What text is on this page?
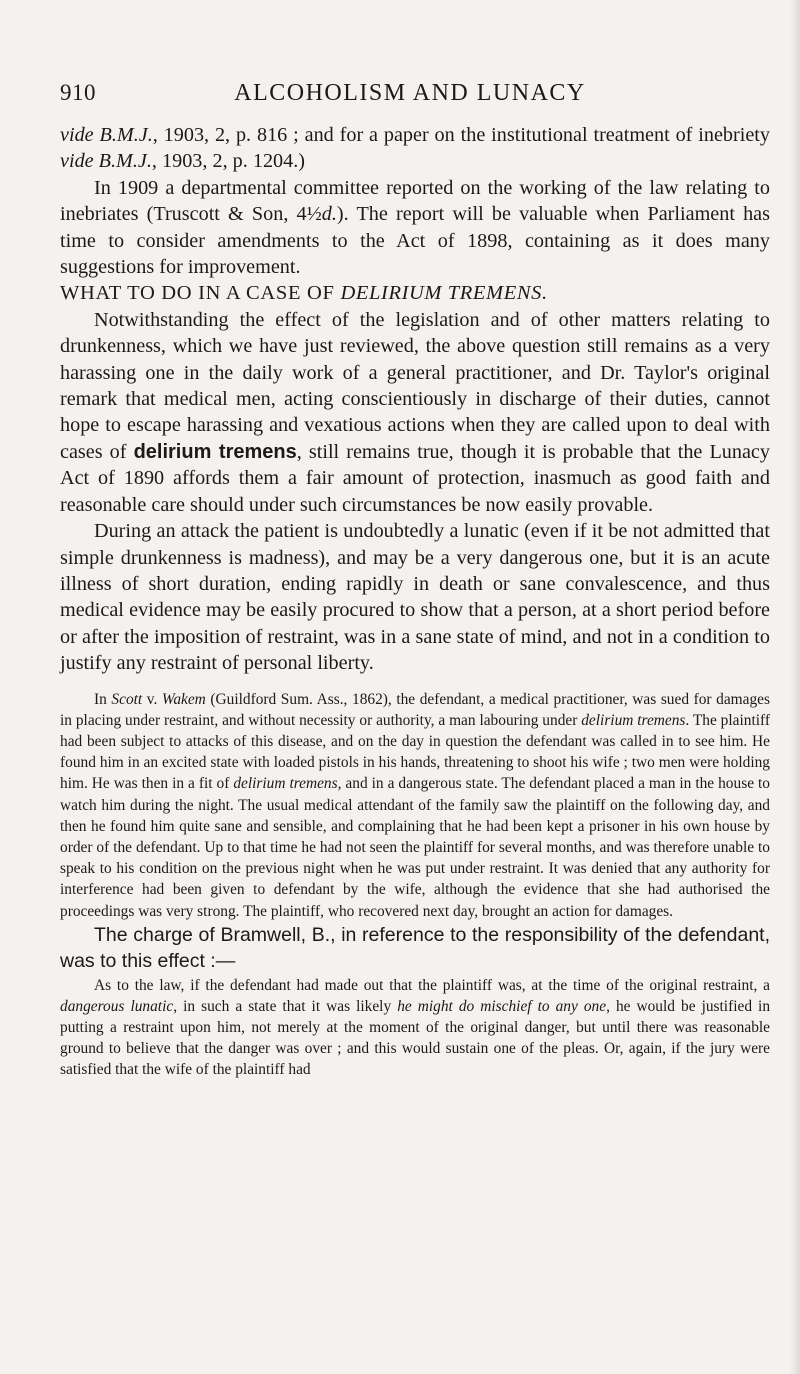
910	ALCOHOLISM AND LUNACY

vide B.M.J., 1903, 2, p. 816 ; and for a paper on the institutional treatment of inebriety vide B.M.J., 1903, 2, p. 1204.)

In 1909 a departmental committee reported on the working of the law relating to inebriates (Truscott & Son, 4½d.). The report will be valuable when Parliament has time to consider amendments to the Act of 1898, containing as it does many suggestions for improvement.

WHAT TO DO IN A CASE OF DELIRIUM TREMENS.

Notwithstanding the effect of the legislation and of other matters relating to drunkenness, which we have just reviewed, the above question still remains as a very harassing one in the daily work of a general practitioner, and Dr. Taylor's original remark that medical men, acting conscientiously in discharge of their duties, cannot hope to escape harassing and vexatious actions when they are called upon to deal with cases of delirium tremens, still remains true, though it is probable that the Lunacy Act of 1890 affords them a fair amount of protection, inasmuch as good faith and reasonable care should under such circumstances be now easily provable.

During an attack the patient is undoubtedly a lunatic (even if it be not admitted that simple drunkenness is madness), and may be a very dangerous one, but it is an acute illness of short duration, ending rapidly in death or sane convalescence, and thus medical evidence may be easily procured to show that a person, at a short period before or after the imposition of restraint, was in a sane state of mind, and not in a condition to justify any restraint of personal liberty.

In Scott v. Wakem (Guildford Sum. Ass., 1862), the defendant, a medical practitioner, was sued for damages in placing under restraint, and without necessity or authority, a man labouring under delirium tremens. The plaintiff had been subject to attacks of this disease, and on the day in question the defendant was called in to see him. He found him in an excited state with loaded pistols in his hands, threatening to shoot his wife ; two men were holding him. He was then in a fit of delirium tremens, and in a dangerous state. The defendant placed a man in the house to watch him during the night. The usual medical attendant of the family saw the plaintiff on the following day, and then he found him quite sane and sensible, and complaining that he had been kept a prisoner in his own house by order of the defendant. Up to that time he had not seen the plaintiff for several months, and was therefore unable to speak to his condition on the previous night when he was put under restraint. It was denied that any authority for interference had been given to defendant by the wife, although the evidence that she had authorised the proceedings was very strong. The plaintiff, who recovered next day, brought an action for damages.

The charge of Bramwell, B., in reference to the responsibility of the defendant, was to this effect :—

As to the law, if the defendant had made out that the plaintiff was, at the time of the original restraint, a dangerous lunatic, in such a state that it was likely he might do mischief to any one, he would be justified in putting a restraint upon him, not merely at the moment of the original danger, but until there was reasonable ground to believe that the danger was over ; and this would sustain one of the pleas. Or, again, if the jury were satisfied that the wife of the plaintiff had
